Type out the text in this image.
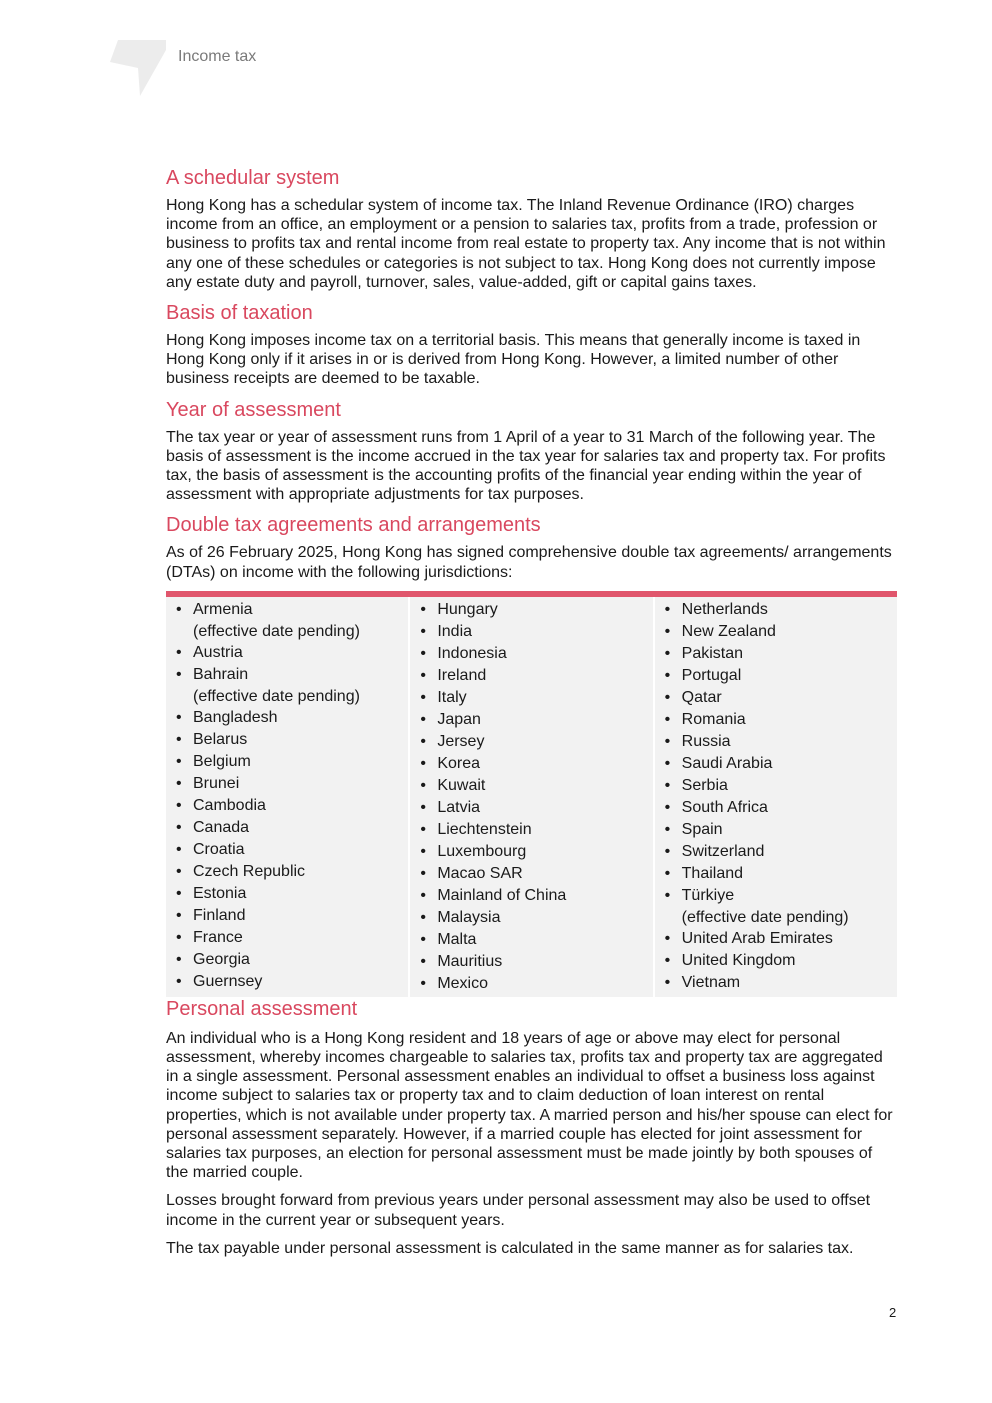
Income tax
A schedular system

Hong Kong has a schedular system of income tax. The Inland Revenue Ordinance (IRO) charges income from an office, an employment or a pension to salaries tax, profits from a trade, profession or business to profits tax and rental income from real estate to property tax. Any income that is not within any one of these schedules or categories is not subject to tax. Hong Kong does not currently impose any estate duty and payroll, turnover, sales, value-added, gift or capital gains taxes.

Basis of taxation

Hong Kong imposes income tax on a territorial basis. This means that generally income is taxed in Hong Kong only if it arises in or is derived from Hong Kong. However, a limited number of other business receipts are deemed to be taxable.

Year of assessment

The tax year or year of assessment runs from 1 April of a year to 31 March of the following year. The basis of assessment is the income accrued in the tax year for salaries tax and property tax. For profits tax, the basis of assessment is the accounting profits of the financial year ending within the year of assessment with appropriate adjustments for tax purposes.

Double tax agreements and arrangements

As of 26 February 2025, Hong Kong has signed comprehensive double tax agreements/ arrangements (DTAs) on income with the following jurisdictions:

• Armenia
(effective date pending)
• Austria
• Bahrain
(effective date pending)
• Bangladesh
• Belarus
• Belgium
• Brunei
• Cambodia
• Canada
• Croatia
• Czech Republic
• Estonia
• Finland
• France
• Georgia
• Guernsey
• Hungary
• India
• Indonesia
• Ireland
• Italy
• Japan
• Jersey
• Korea
• Kuwait
• Latvia
• Liechtenstein
• Luxembourg
• Macao SAR
• Mainland of China
• Malaysia
• Malta
• Mauritius
• Mexico
• Netherlands
• New Zealand
• Pakistan
• Portugal
• Qatar
• Romania
• Russia
• Saudi Arabia
• Serbia
• South Africa
• Spain
• Switzerland
• Thailand
• Türkiye
(effective date pending)
• United Arab Emirates
• United Kingdom
• Vietnam
Personal assessment

An individual who is a Hong Kong resident and 18 years of age or above may elect for personal assessment, whereby incomes chargeable to salaries tax, profits tax and property tax are aggregated in a single assessment. Personal assessment enables an individual to offset a business loss against income subject to salaries tax or property tax and to claim deduction of loan interest on rental properties, which is not available under property tax. A married person and his/her spouse can elect for personal assessment separately. However, if a married couple has elected for joint assessment for salaries tax purposes, an election for personal assessment must be made jointly by both spouses of the married couple.

Losses brought forward from previous years under personal assessment may also be used to offset income in the current year or subsequent years.

The tax payable under personal assessment is calculated in the same manner as for salaries tax.

2
